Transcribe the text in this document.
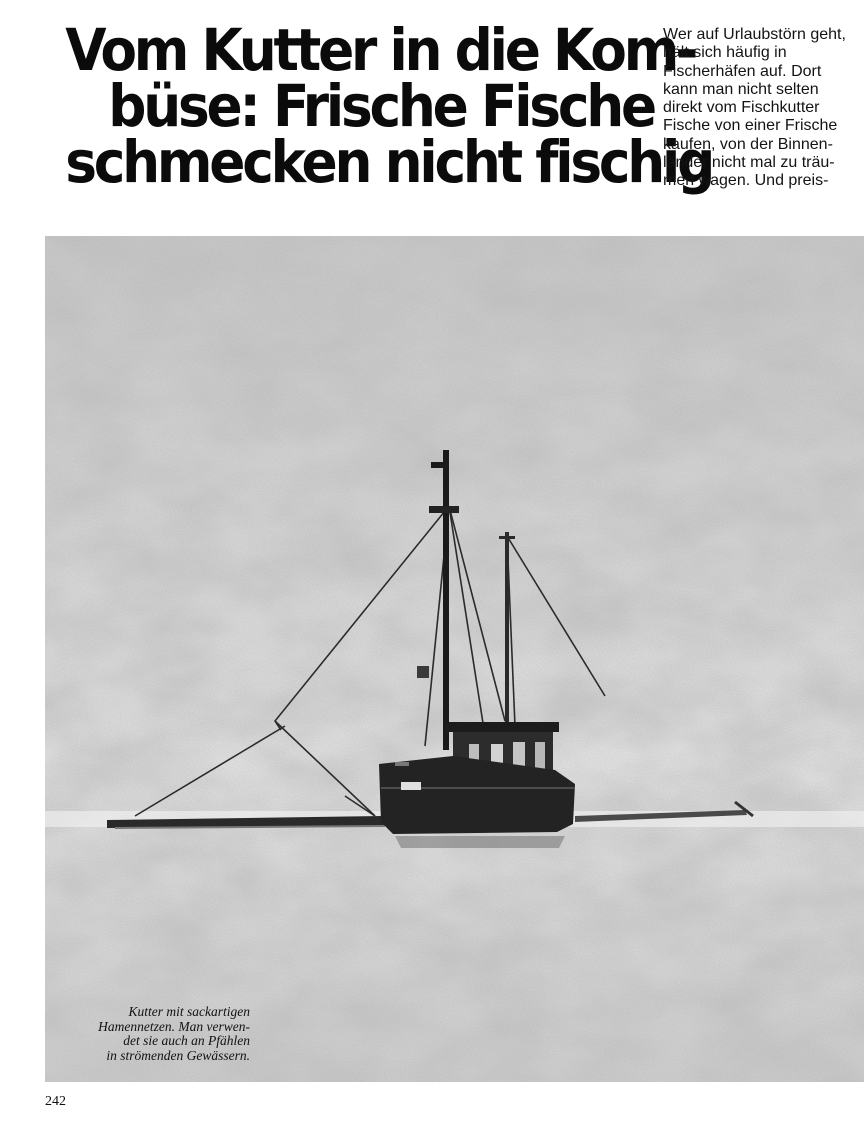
Vom Kutter in die Kom-
büse: Frische Fische
schmecken nicht fischig
Wer auf Urlaubstörn geht,
hält sich häufig in
Fischerhäfen auf. Dort
kann man nicht selten
direkt vom Fischkutter
Fische von einer Frische
kaufen, von der Binnen-
länder nicht mal zu träu-
men wagen. Und preis-
Kutter mit sackartigen
Hamennetzen. Man verwen-
det sie auch an Pfählen
in strömenden Gewässern.
242
